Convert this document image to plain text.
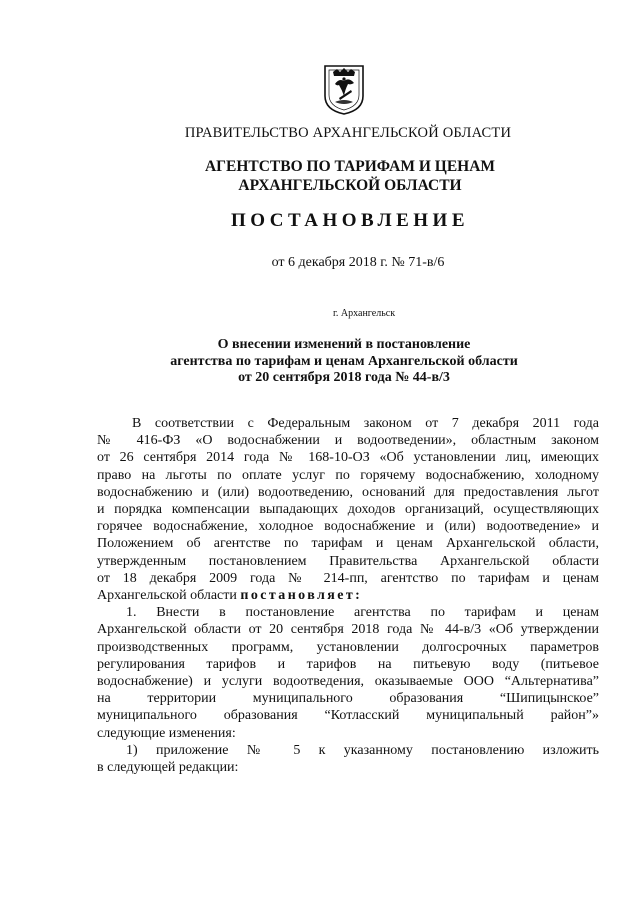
ПРАВИТЕЛЬСТВО АРХАНГЕЛЬСКОЙ ОБЛАСТИ
АГЕНТСТВО ПО ТАРИФАМ И ЦЕНАМ
АРХАНГЕЛЬСКОЙ ОБЛАСТИ
ПОСТАНОВЛЕНИЕ
от 6 декабря 2018 г. № 71-в/6
г. Архангельск
О внесении изменений в постановление
агентства по тарифам и ценам Архангельской области
от 20 сентября 2018 года № 44-в/3
В соответствии с Федеральным законом от 7 декабря 2011 года
№ 416-ФЗ «О водоснабжении и водоотведении», областным законом
от 26 сентября 2014 года № 168-10-ОЗ «Об установлении лиц, имеющих
право на льготы по оплате услуг по горячему водоснабжению, холодному
водоснабжению и (или) водоотведению, оснований для предоставления льгот
и порядка компенсации выпадающих доходов организаций, осуществляющих
горячее водоснабжение, холодное водоснабжение и (или) водоотведение» и
Положением об агентстве по тарифам и ценам Архангельской области,
утвержденным постановлением Правительства Архангельской области
от 18 декабря 2009 года № 214-пп, агентство по тарифам и ценам
Архангельской области постановляет:
1. Внести в постановление агентства по тарифам и ценам
Архангельской области от 20 сентября 2018 года № 44-в/3 «Об утверждении
производственных программ, установлении долгосрочных параметров
регулирования тарифов и тарифов на питьевую воду (питьевое
водоснабжение) и услуги водоотведения, оказываемые ООО “Альтернатива”
на территории муниципального образования “Шипицынское”
муниципального образования “Котласский муниципальный район”»
следующие изменения:
1) приложение № 5 к указанному постановлению изложить
в следующей редакции:
